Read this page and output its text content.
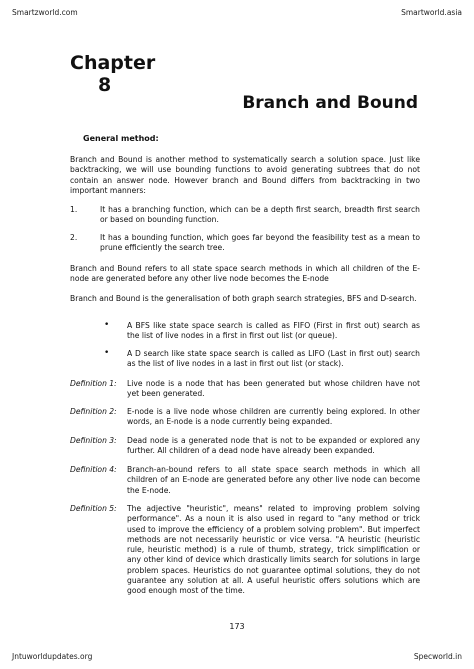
Smartzworld.com	Smartworld.asia
Chapter
8
Branch and Bound
General method:
Branch and Bound is another method to systematically search a solution space. Just like backtracking, we will use bounding functions to avoid generating subtrees that do not contain an answer node. However branch and Bound differs from backtracking in two important manners:
1.	It has a branching function, which can be a depth first search, breadth first search or based on bounding function.
2.	It has a bounding function, which goes far beyond the feasibility test as a mean to prune efficiently the search tree.
Branch and Bound refers to all state space search methods in which all children of the E-node are generated before any other live node becomes the E-node
Branch and Bound is the generalisation of both graph search strategies, BFS and D-search.
• A BFS like state space search is called as FIFO (First in first out) search as the list of live nodes in a first in first out list (or queue).
• A D search like state space search is called as LIFO (Last in first out) search as the list of live nodes in a last in first out list (or stack).
Definition 1: Live node is a node that has been generated but whose children have not yet been generated.
Definition 2: E-node is a live node whose children are currently being explored. In other words, an E-node is a node currently being expanded.
Definition 3: Dead node is a generated node that is not to be expanded or explored any further. All children of a dead node have already been expanded.
Definition 4: Branch-an-bound refers to all state space search methods in which all children of an E-node are generated before any other live node can become the E-node.
Definition 5: The adjective "heuristic", means" related to improving problem solving performance". As a noun it is also used in regard to "any method or trick used to improve the efficiency of a problem solving problem". But imperfect methods are not necessarily heuristic or vice versa. "A heuristic (heuristic rule, heuristic method) is a rule of thumb, strategy, trick simplification or any other kind of device which drastically limits search for solutions in large problem spaces. Heuristics do not guarantee optimal solutions, they do not guarantee any solution at all. A useful heuristic offers solutions which are good enough most of the time.
173
Jntuworldupdates.org	Specworld.in
